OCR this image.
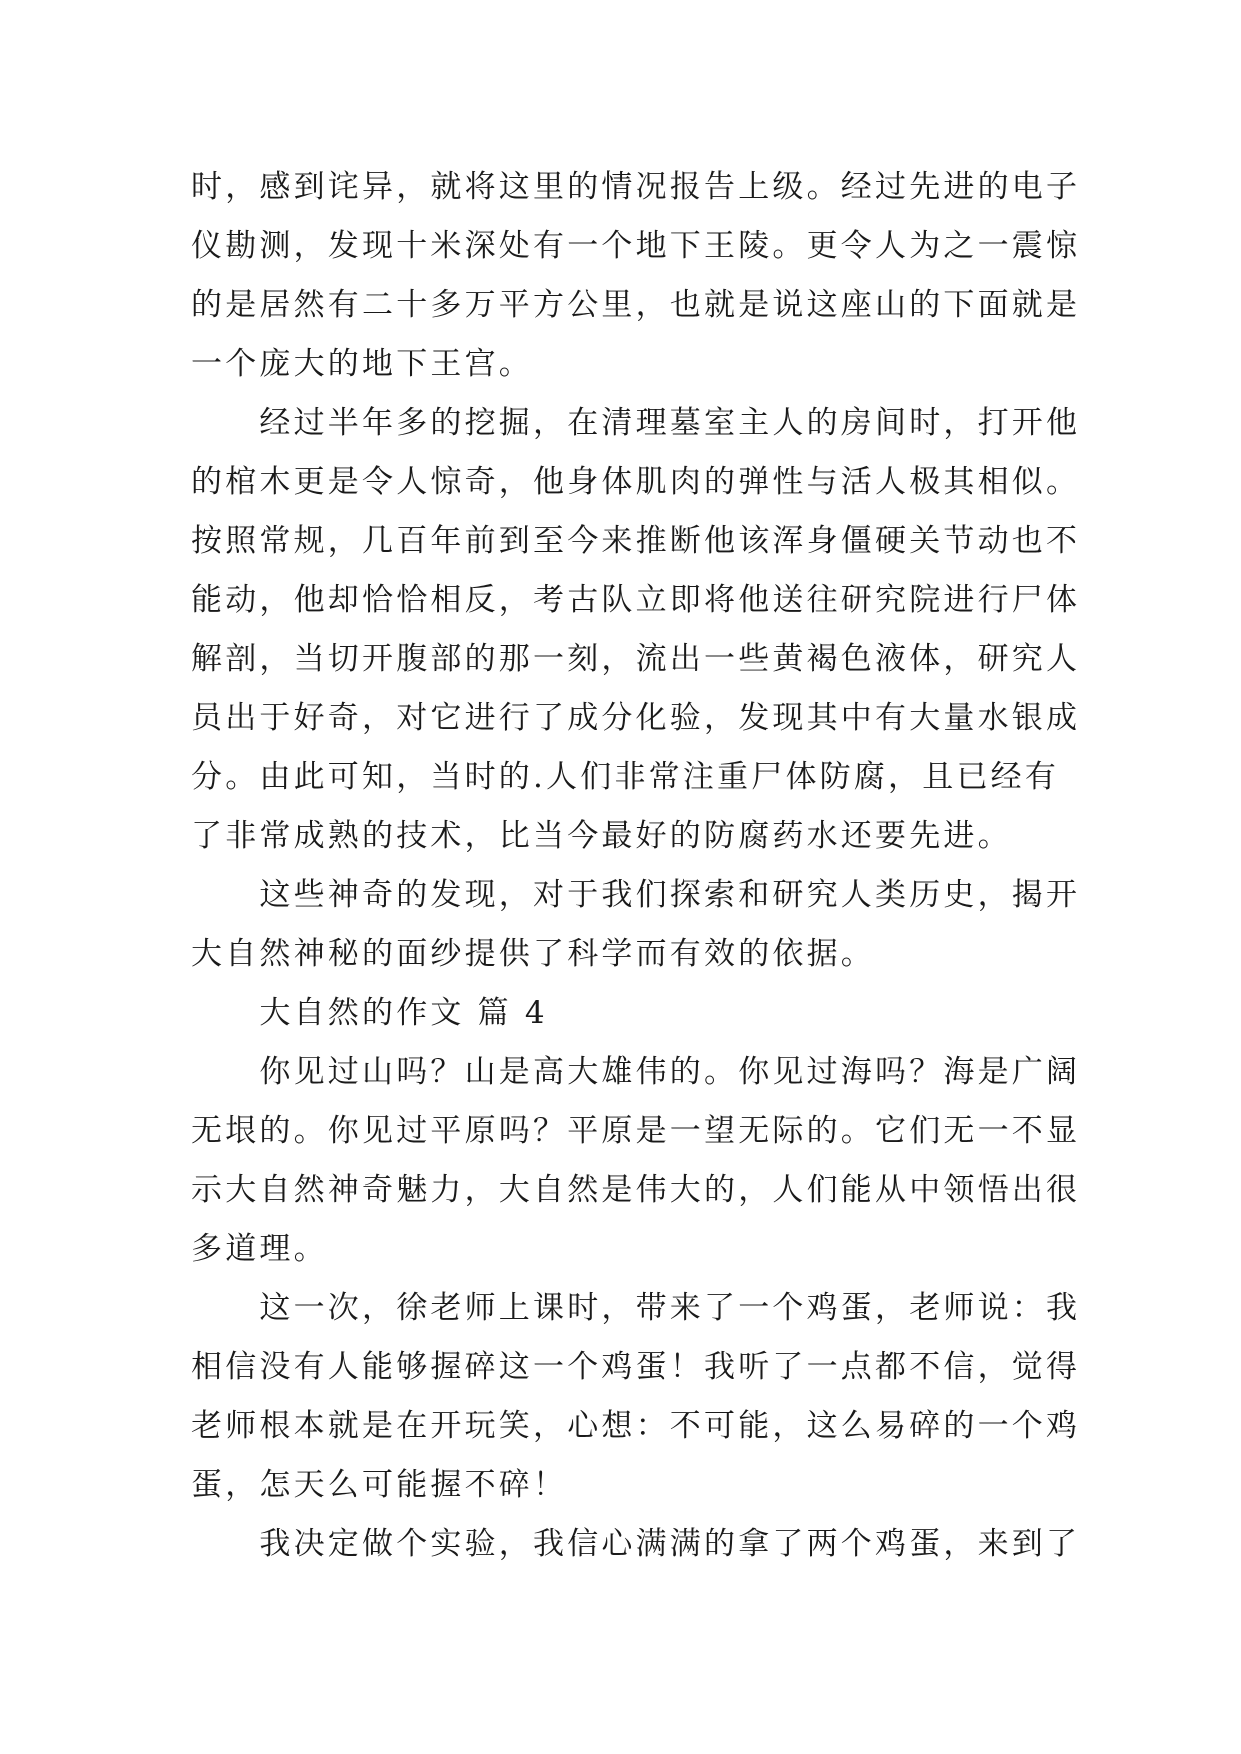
时，感到诧异，就将这里的情况报告上级。经过先进的电子
仪勘测，发现十米深处有一个地下王陵。更令人为之一震惊
的是居然有二十多万平方公里，也就是说这座山的下面就是
一个庞大的地下王宫。
　　经过半年多的挖掘，在清理墓室主人的房间时，打开他
的棺木更是令人惊奇，他身体肌肉的弹性与活人极其相似。
按照常规，几百年前到至今来推断他该浑身僵硬关节动也不
能动，他却恰恰相反，考古队立即将他送往研究院进行尸体
解剖，当切开腹部的那一刻，流出一些黄褐色液体，研究人
员出于好奇，对它进行了成分化验，发现其中有大量水银成
分。由此可知，当时的.人们非常注重尸体防腐，且已经有
了非常成熟的技术，比当今最好的防腐药水还要先进。
　　这些神奇的发现，对于我们探索和研究人类历史，揭开
大自然神秘的面纱提供了科学而有效的依据。
　　大自然的作文 篇 4
　　你见过山吗？山是高大雄伟的。你见过海吗？海是广阔
无垠的。你见过平原吗？平原是一望无际的。它们无一不显
示大自然神奇魅力，大自然是伟大的，人们能从中领悟出很
多道理。
　　这一次，徐老师上课时，带来了一个鸡蛋，老师说：我
相信没有人能够握碎这一个鸡蛋！我听了一点都不信，觉得
老师根本就是在开玩笑，心想：不可能，这么易碎的一个鸡
蛋，怎天么可能握不碎！
　　我决定做个实验，我信心满满的拿了两个鸡蛋，来到了
